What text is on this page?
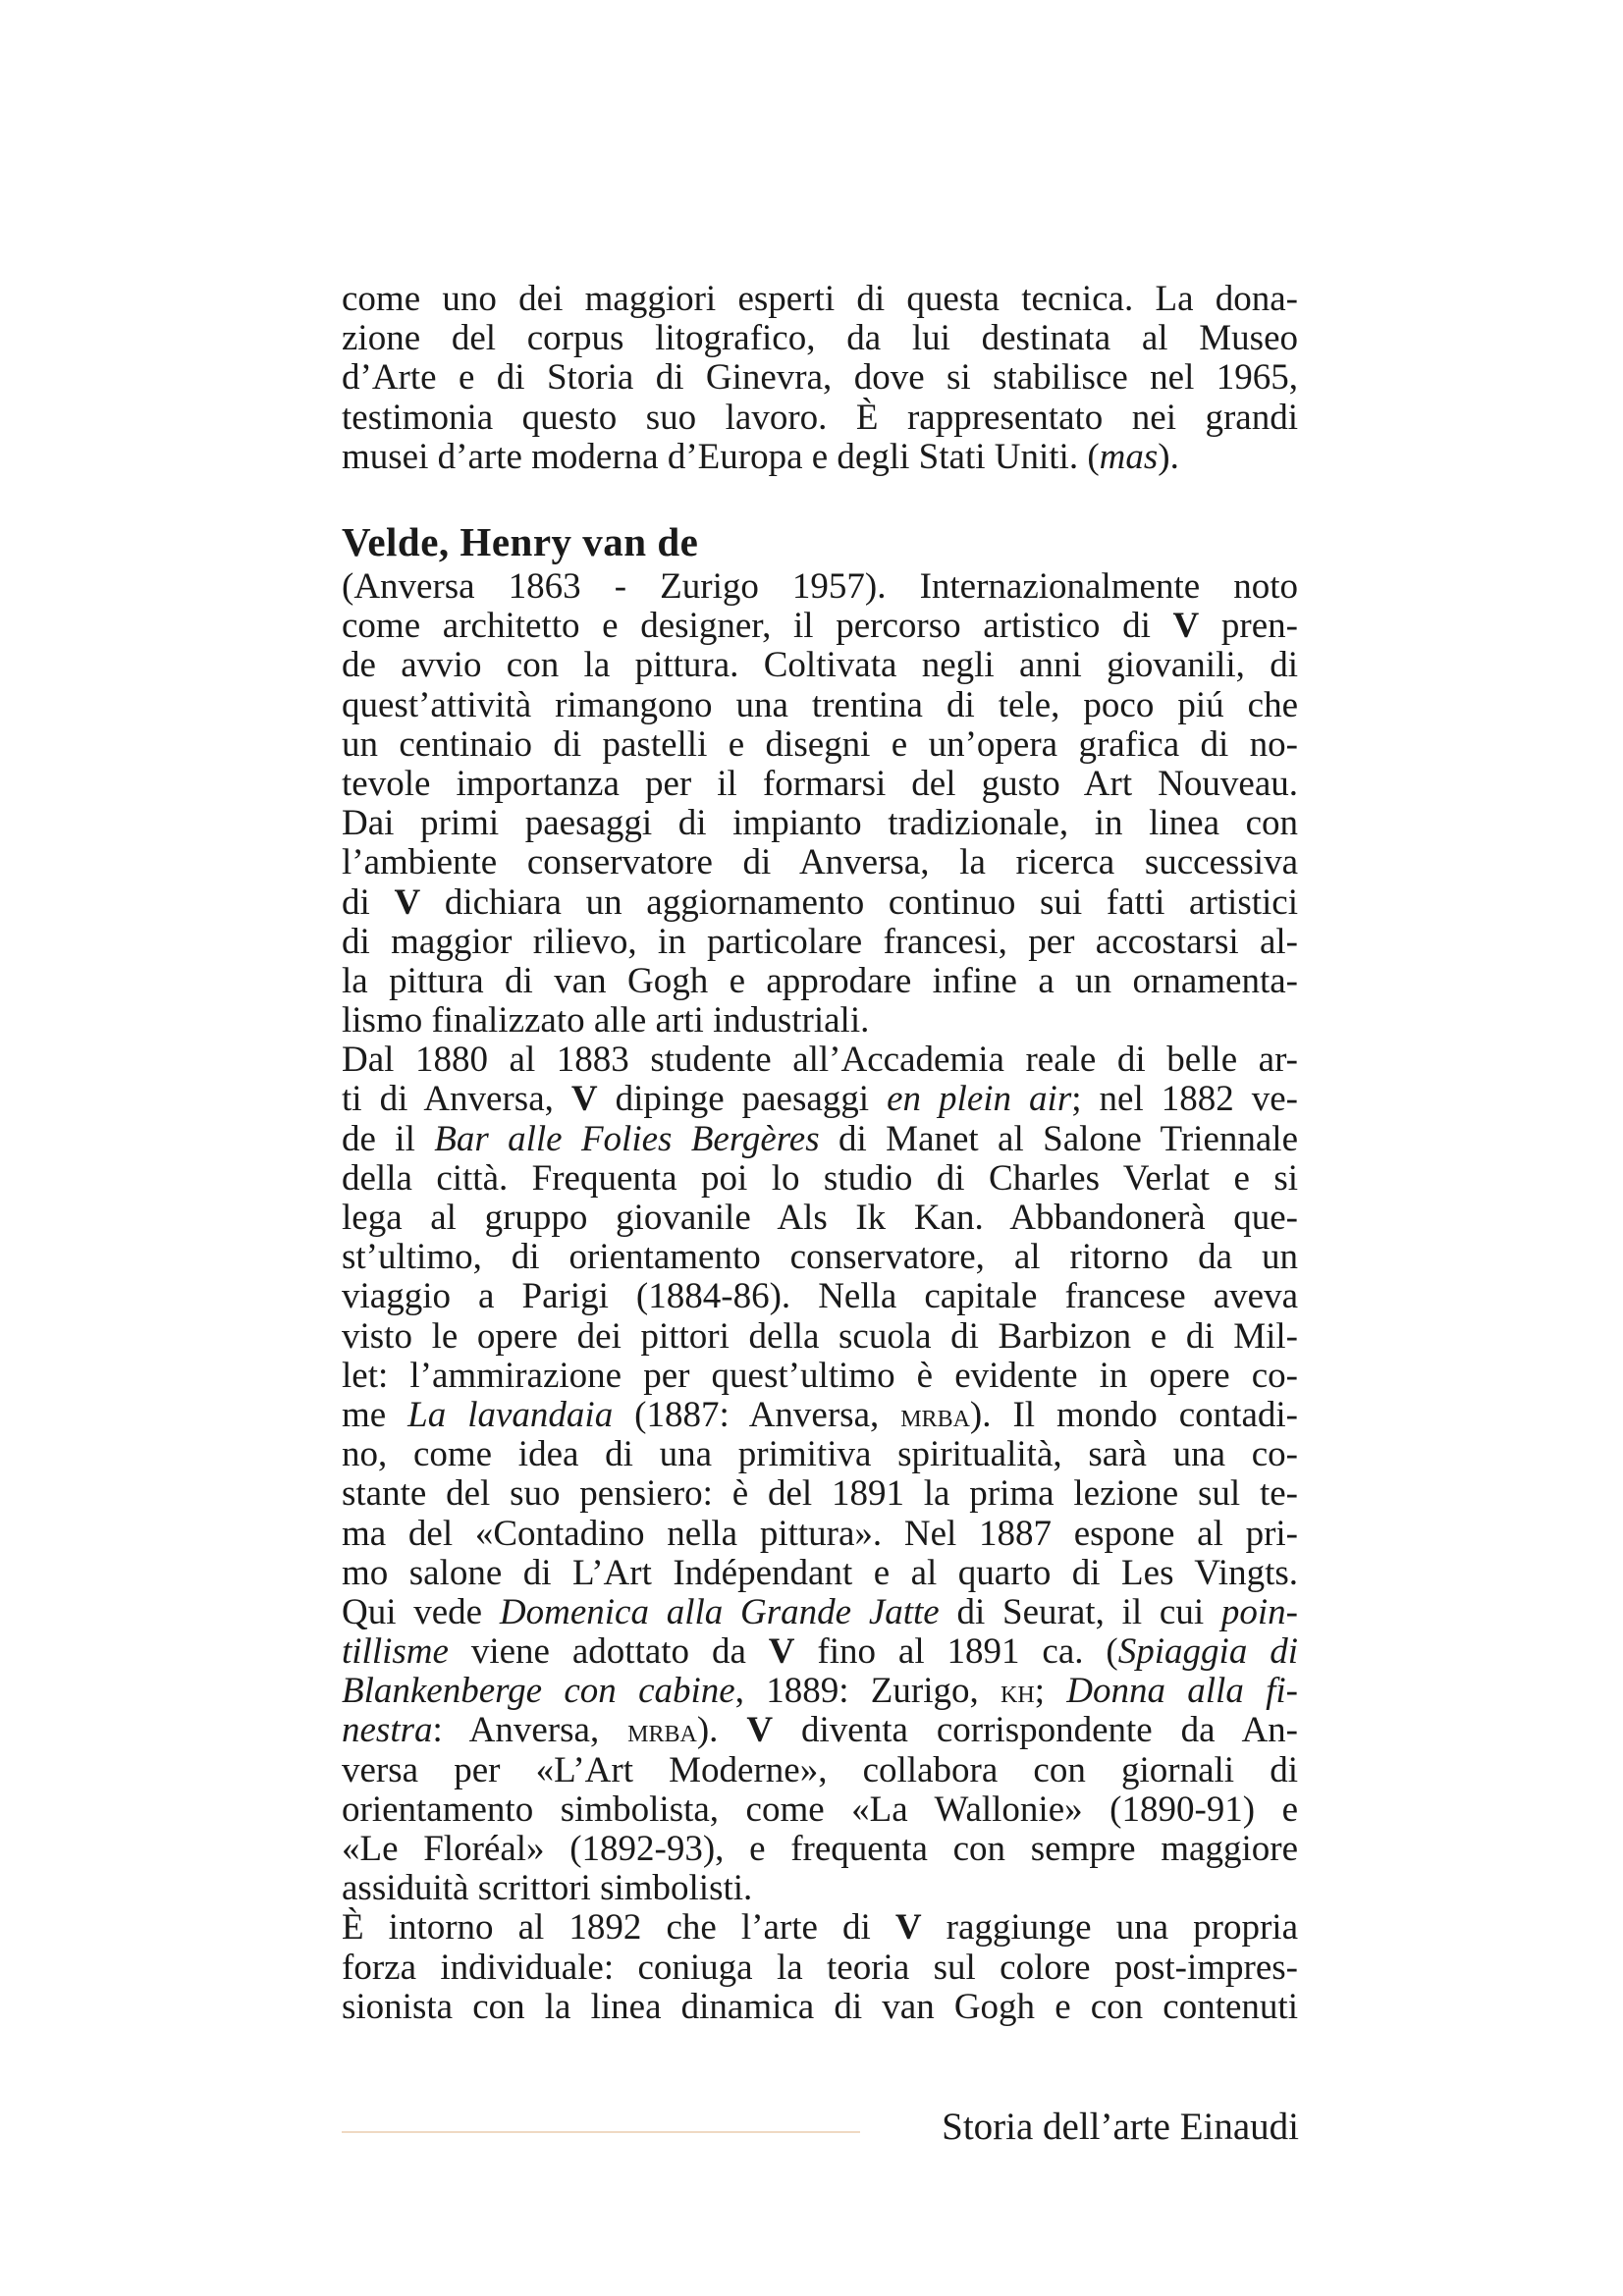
come uno dei maggiori esperti di questa tecnica. La dona-
zione del corpus litografico, da lui destinata al Museo
d’Arte e di Storia di Ginevra, dove si stabilisce nel 1965,
testimonia questo suo lavoro. È rappresentato nei grandi
musei d’arte moderna d’Europa e degli Stati Uniti. (mas).
Velde, Henry van de
(Anversa 1863 - Zurigo 1957). Internazionalmente noto
come architetto e designer, il percorso artistico di V pren-
de avvio con la pittura. Coltivata negli anni giovanili, di
quest’attività rimangono una trentina di tele, poco piú che
un centinaio di pastelli e disegni e un’opera grafica di no-
tevole importanza per il formarsi del gusto Art Nouveau.
Dai primi paesaggi di impianto tradizionale, in linea con
l’ambiente conservatore di Anversa, la ricerca successiva
di V dichiara un aggiornamento continuo sui fatti artistici
di maggior rilievo, in particolare francesi, per accostarsi al-
la pittura di van Gogh e approdare infine a un ornamenta-
lismo finalizzato alle arti industriali.
Dal 1880 al 1883 studente all’Accademia reale di belle ar-
ti di Anversa, V dipinge paesaggi en plein air; nel 1882 ve-
de il Bar alle Folies Bergères di Manet al Salone Triennale
della città. Frequenta poi lo studio di Charles Verlat e si
lega al gruppo giovanile Als Ik Kan. Abbandonerà que-
st’ultimo, di orientamento conservatore, al ritorno da un
viaggio a Parigi (1884-86). Nella capitale francese aveva
visto le opere dei pittori della scuola di Barbizon e di Mil-
let: l’ammirazione per quest’ultimo è evidente in opere co-
me La lavandaia (1887: Anversa, mrba). Il mondo contadi-
no, come idea di una primitiva spiritualità, sarà una co-
stante del suo pensiero: è del 1891 la prima lezione sul te-
ma del «Contadino nella pittura». Nel 1887 espone al pri-
mo salone di L’Art Indépendant e al quarto di Les Vingts.
Qui vede Domenica alla Grande Jatte di Seurat, il cui poin-
tillisme viene adottato da V fino al 1891 ca. (Spiaggia di
Blankenberge con cabine, 1889: Zurigo, kh; Donna alla fi-
nestra: Anversa, mrba). V diventa corrispondente da An-
versa per «L’Art Moderne», collabora con giornali di
orientamento simbolista, come «La Wallonie» (1890-91) e
«Le Floréal» (1892-93), e frequenta con sempre maggiore
assiduità scrittori simbolisti.
È intorno al 1892 che l’arte di V raggiunge una propria
forza individuale: coniuga la teoria sul colore post-impres-
sionista con la linea dinamica di van Gogh e con contenuti
Storia dell’arte Einaudi
